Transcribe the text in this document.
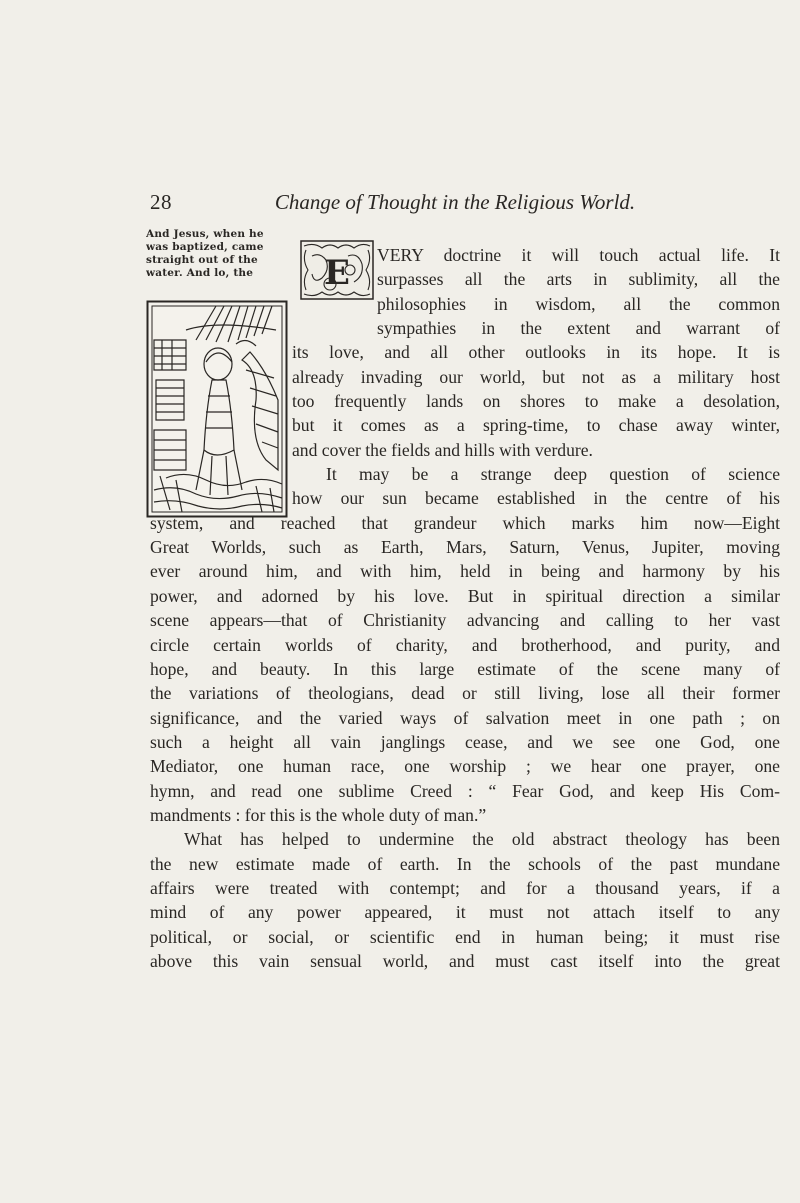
28	Change of Thought in the Religious World.
And Jesus, when he
was baptized, came
straight out of the
water. And lo, the	E VERY doctrine it will touch actual life. It
surpasses all the arts in sublimity, all the
philosophies in wisdom, all the common
sympathies in the extent and warrant of
its love, and all other outlooks in its hope. It is
already invading our world, but not as a military host
too frequently lands on shores to make a desolation,
but it comes as a spring-time, to chase away winter,
and cover the fields and hills with verdure.
It may be a strange deep question of science
how our sun became established in the centre of his
system, and reached that grandeur which marks him now—Eight
Great Worlds, such as Earth, Mars, Saturn, Venus, Jupiter, moving
ever around him, and with him, held in being and harmony by his
power, and adorned by his love. But in spiritual direction a similar
scene appears—that of Christianity advancing and calling to her vast
circle certain worlds of charity, and brotherhood, and purity, and
hope, and beauty. In this large estimate of the scene many of
the variations of theologians, dead or still living, lose all their former
significance, and the varied ways of salvation meet in one path ; on
such a height all vain janglings cease, and we see one God, one
Mediator, one human race, one worship ; we hear one prayer, one
hymn, and read one sublime Creed : “ Fear God, and keep His Com-
mandments : for this is the whole duty of man.”
What has helped to undermine the old abstract theology has been
the new estimate made of earth. In the schools of the past mundane
affairs were treated with contempt; and for a thousand years, if a
mind of any power appeared, it must not attach itself to any
political, or social, or scientific end in human being; it must rise
above this vain sensual world, and must cast itself into the great
